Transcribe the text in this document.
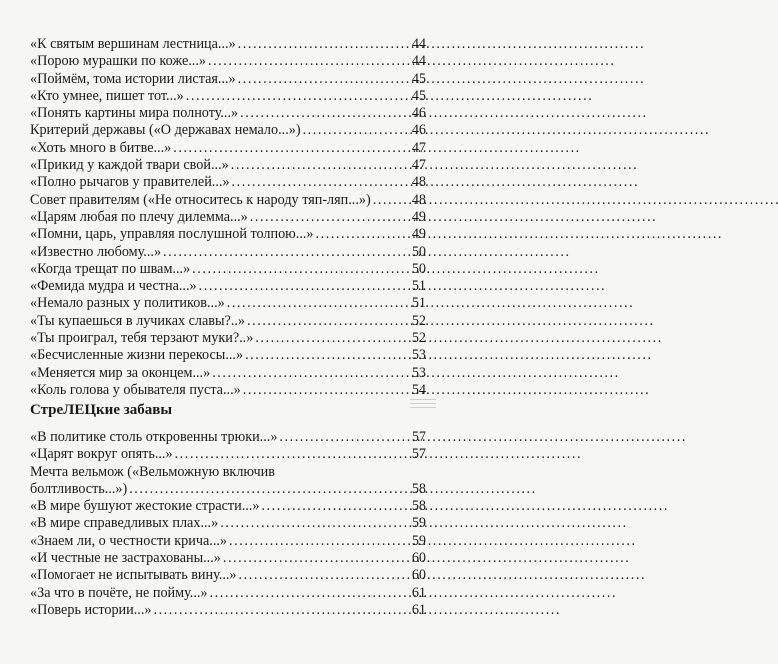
«К святым вершинам лестница...» . . .	44
«Порою мурашки по коже...» . . .	44
«Поймём, тома истории листая...» . . .	45
«Кто умнее, пишет тот...» . . .	45
«Понять картины мира полноту...» . . .	46
Критерий державы («О державах немало...») . . .	46
«Хоть много в битве...» . . .	47
«Прикид у каждой твари свой...» . . .	47
«Полно рычагов у правителей...» . . .	48
Совет правителям («Не относитесь к народу тяп-ляп...») . . .	48
«Царям любая по плечу дилемма...» . . .	49
«Помни, царь, управляя послушной толпою...» . . .	49
«Известно любому...» . . .	50
«Когда трещат по швам...» . . .	50
«Фемида мудра и честна...» . . .	51
«Немало разных у политиков...» . . .	51
«Ты купаешься в лучиках славы?..» . . .	52
«Ты проиграл, тебя терзают муки?..» . . .	52
«Бесчисленные жизни перекосы...» . . .	53
«Меняется мир за оконцем...» . . .	53
«Коль голова у обывателя пуста...» . . .	54
СтреЛЕЦкие забавы
«В политике столь откровенны трюки...» . . .	57
«Царят вокруг опять...» . . .	57
Мечта вельмож («Вельможную включив
болтливость...») . . .	58
«В мире бушуют жестокие страсти...» . . .	58
«В мире справедливых плах...» . . .	59
«Знаем ли, о честности крича...» . . .	59
«И честные не застрахованы...» . . .	60
«Помогает не испытывать вину...» . . .	60
«За что в почёте, не пойму...» . . .	61
«Поверь истории...» . . .	61
